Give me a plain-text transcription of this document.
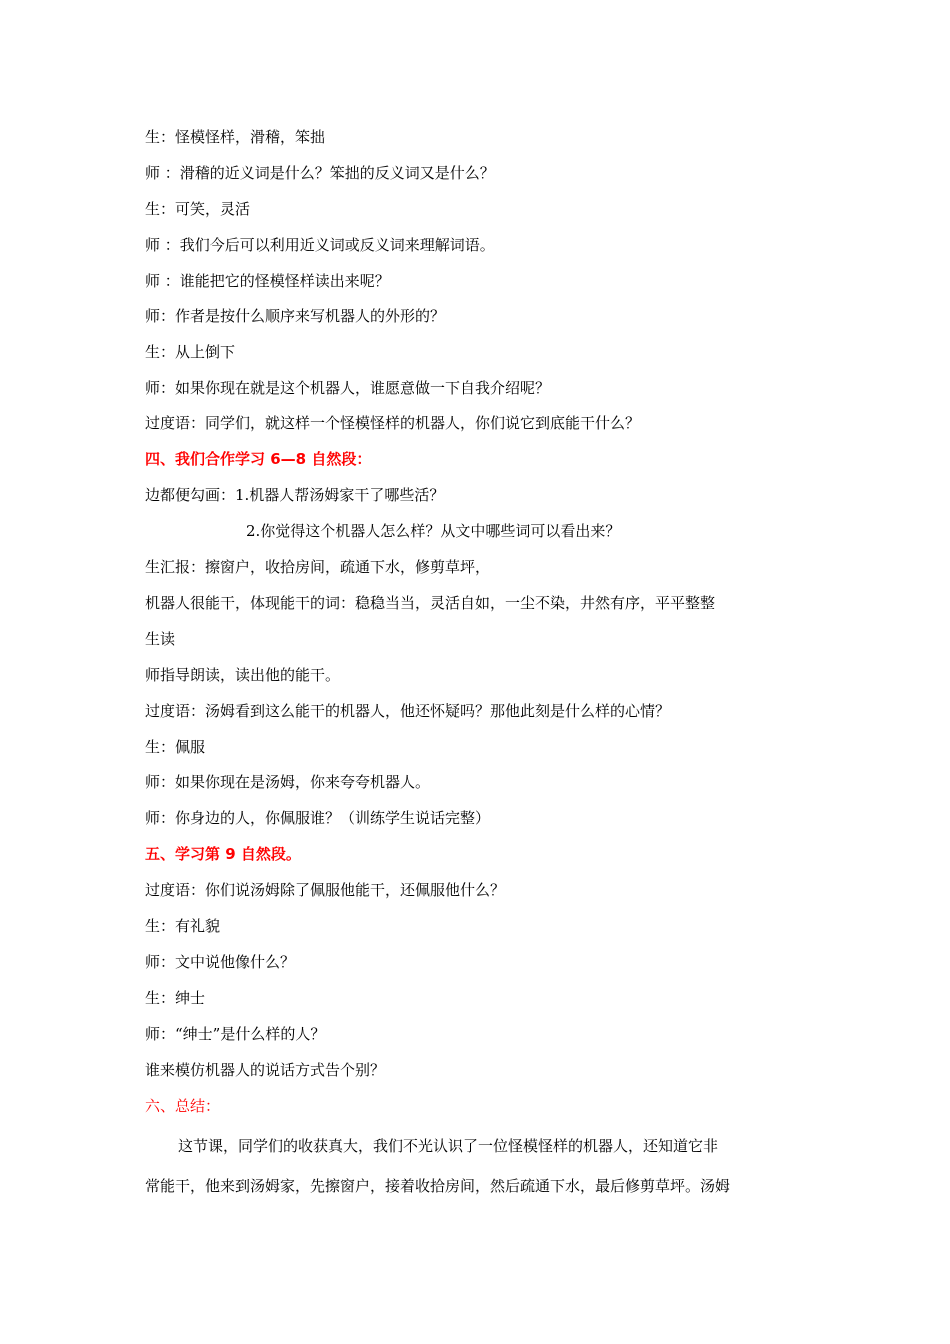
生：怪模怪样，滑稽，笨拙
师 ：滑稽的近义词是什么？笨拙的反义词又是什么？
生：可笑，灵活
师 ：我们今后可以利用近义词或反义词来理解词语。
师 ：谁能把它的怪模怪样读出来呢？
师：作者是按什么顺序来写机器人的外形的？
生：从上倒下
师：如果你现在就是这个机器人，谁愿意做一下自我介绍呢？
过度语：同学们，就这样一个怪模怪样的机器人，你们说它到底能干什么？
四、我们合作学习 6—8 自然段：
边都便勾画：1.机器人帮汤姆家干了哪些活？
2.你觉得这个机器人怎么样？从文中哪些词可以看出来？
生汇报：擦窗户，收拾房间，疏通下水，修剪草坪，
机器人很能干，体现能干的词：稳稳当当，灵活自如，一尘不染，井然有序，平平整整
生读
师指导朗读，读出他的能干。
过度语：汤姆看到这么能干的机器人，他还怀疑吗？那他此刻是什么样的心情？
生：佩服
师：如果你现在是汤姆，你来夸夸机器人。
师：你身边的人，你佩服谁？（训练学生说话完整）
五、学习第 9 自然段。
过度语：你们说汤姆除了佩服他能干，还佩服他什么？
生：有礼貌
师：文中说他像什么？
生：绅士
师：“绅士”是什么样的人？
谁来模仿机器人的说话方式告个别？
六、总结：
这节课，同学们的收获真大，我们不光认识了一位怪模怪样的机器人，还知道它非
常能干，他来到汤姆家，先擦窗户，接着收拾房间，然后疏通下水，最后修剪草坪。汤姆
